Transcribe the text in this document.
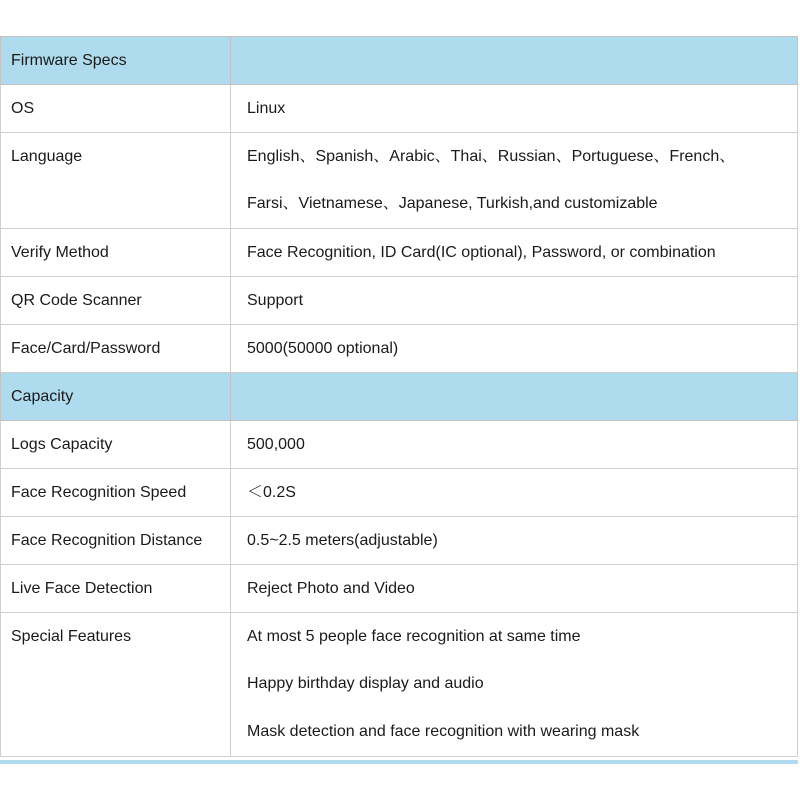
Firmware Specs	
OS	Linux

Language	English、Spanish、Arabic、Thai、Russian、Portuguese、French、
Farsi、Vietnamese、Japanese, Turkish,and customizable

Verify Method	Face Recognition, ID Card(IC optional), Password, or combination
QR Code Scanner	Support
Face/Card/Password	5000(50000 optional)
Capacity	
Logs Capacity	500,000
Face Recognition Speed	＜0.2S
Face Recognition Distance	0.5~2.5 meters(adjustable)
Live Face Detection	Reject Photo and Video

Special Features	At most 5 people face recognition at same time
Happy birthday display and audio
Mask detection and face recognition with wearing mask
